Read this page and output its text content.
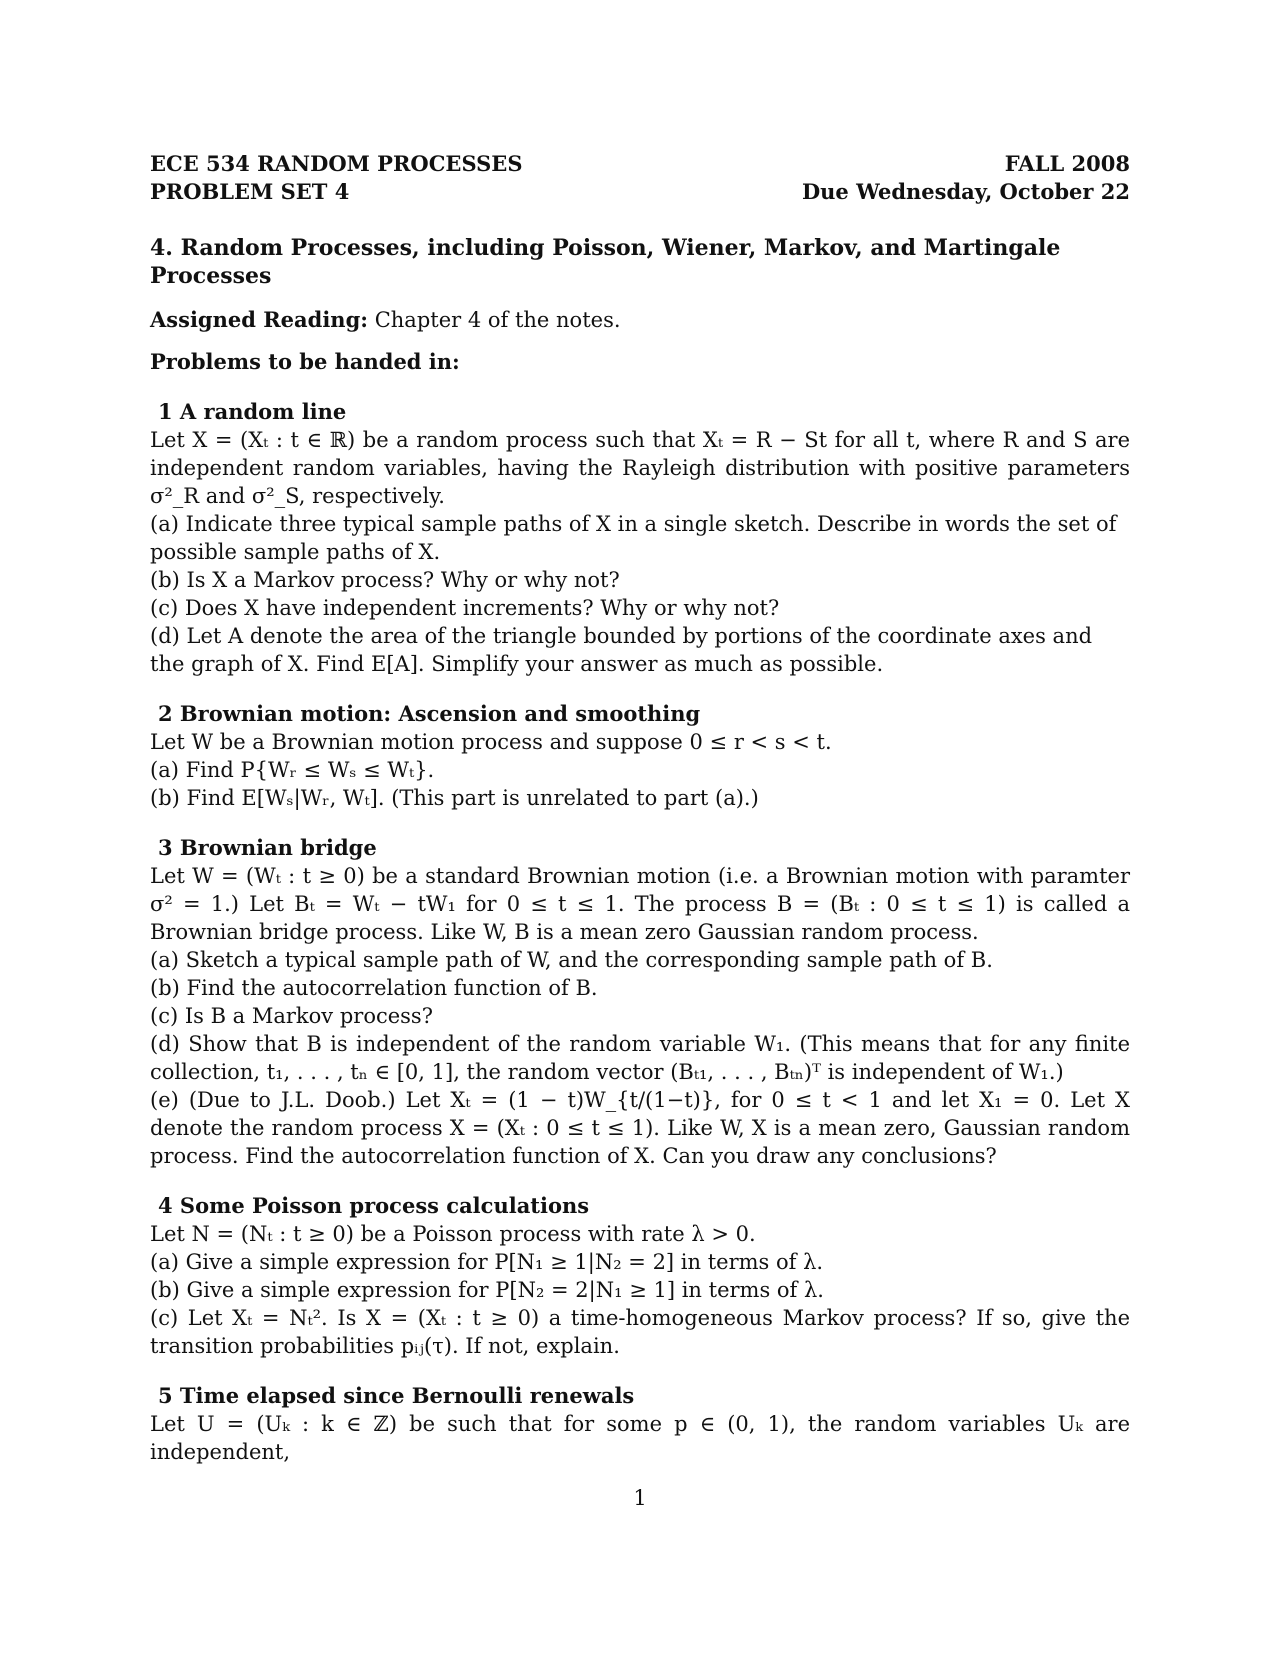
ECE 534 RANDOM PROCESSES
PROBLEM SET 4
FALL 2008
Due Wednesday, October 22
4. Random Processes, including Poisson, Wiener, Markov, and Martingale Processes
Assigned Reading: Chapter 4 of the notes.
Problems to be handed in:
1 A random line
Let X = (Xₜ : t ∈ ℝ) be a random process such that Xₜ = R − St for all t, where R and S are independent random variables, having the Rayleigh distribution with positive parameters σ²_R and σ²_S, respectively.
(a) Indicate three typical sample paths of X in a single sketch. Describe in words the set of possible sample paths of X.
(b) Is X a Markov process? Why or why not?
(c) Does X have independent increments? Why or why not?
(d) Let A denote the area of the triangle bounded by portions of the coordinate axes and the graph of X. Find E[A]. Simplify your answer as much as possible.
2 Brownian motion: Ascension and smoothing
Let W be a Brownian motion process and suppose 0 ≤ r < s < t.
(a) Find P{Wᵣ ≤ Wₛ ≤ Wₜ}.
(b) Find E[Wₛ|Wᵣ, Wₜ]. (This part is unrelated to part (a).)
3 Brownian bridge
Let W = (Wₜ : t ≥ 0) be a standard Brownian motion (i.e. a Brownian motion with paramter σ² = 1.) Let Bₜ = Wₜ − tW₁ for 0 ≤ t ≤ 1. The process B = (Bₜ : 0 ≤ t ≤ 1) is called a Brownian bridge process. Like W, B is a mean zero Gaussian random process.
(a) Sketch a typical sample path of W, and the corresponding sample path of B.
(b) Find the autocorrelation function of B.
(c) Is B a Markov process?
(d) Show that B is independent of the random variable W₁. (This means that for any finite collection, t₁, . . . , tₙ ∈ [0, 1], the random vector (Bₜ₁, . . . , Bₜₙ)ᵀ is independent of W₁.)
(e) (Due to J.L. Doob.) Let Xₜ = (1 − t)W_{t/(1−t)}, for 0 ≤ t < 1 and let X₁ = 0. Let X denote the random process X = (Xₜ : 0 ≤ t ≤ 1). Like W, X is a mean zero, Gaussian random process. Find the autocorrelation function of X. Can you draw any conclusions?
4 Some Poisson process calculations
Let N = (Nₜ : t ≥ 0) be a Poisson process with rate λ > 0.
(a) Give a simple expression for P[N₁ ≥ 1|N₂ = 2] in terms of λ.
(b) Give a simple expression for P[N₂ = 2|N₁ ≥ 1] in terms of λ.
(c) Let Xₜ = Nₜ². Is X = (Xₜ : t ≥ 0) a time-homogeneous Markov process? If so, give the transition probabilities pᵢⱼ(τ). If not, explain.
5 Time elapsed since Bernoulli renewals
Let U = (Uₖ : k ∈ ℤ) be such that for some p ∈ (0, 1), the random variables Uₖ are independent,
1
